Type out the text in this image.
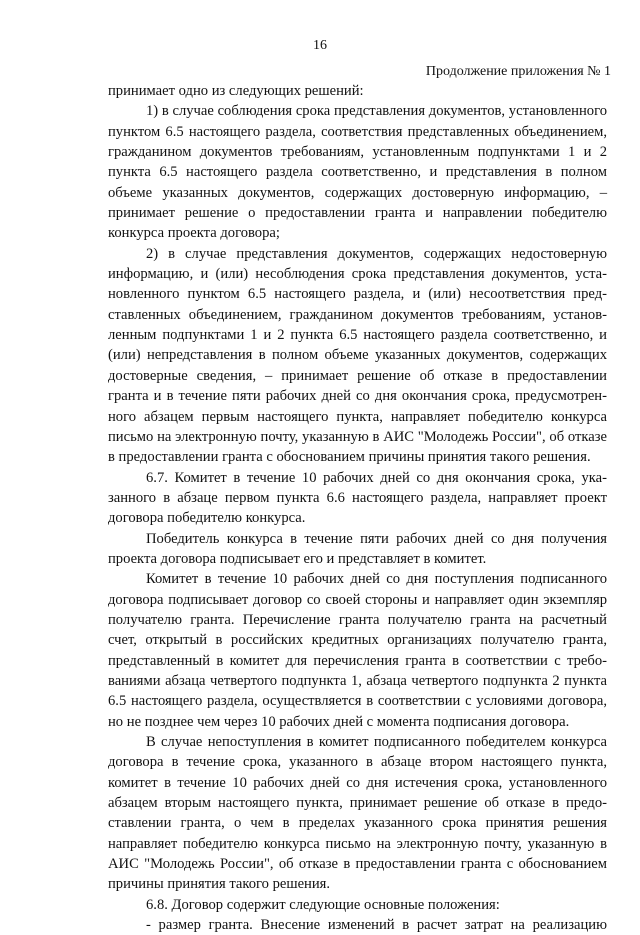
16
Продолжение приложения № 1

принимает одно из следующих решений:

1) в случае соблюдения срока представления документов, установленного пунктом 6.5 настоящего раздела, соответствия представленных объединением, гражданином документов требованиям, установленным подпунктами 1 и 2 пункта 6.5 настоящего раздела соответственно, и представления в полном объеме указанных документов, содержащих достоверную информацию, – принимает решение о предоставлении гранта и направлении победителю конкурса проекта договора;

2) в случае представления документов, содержащих недостоверную информацию, и (или) несоблюдения срока представления документов, установленного пунктом 6.5 настоящего раздела, и (или) несоответствия представленных объединением, гражданином документов требованиям, установленным подпунктами 1 и 2 пункта 6.5 настоящего раздела соответственно, и (или) непредставления в полном объеме указанных документов, содержащих достоверные сведения, – принимает решение об отказе в предоставлении гранта и в течение пяти рабочих дней со дня окончания срока, предусмотренного абзацем первым настоящего пункта, направляет победителю конкурса письмо на электронную почту, указанную в АИС "Молодежь России", об отказе в предоставлении гранта с обоснованием причины принятия такого решения.

6.7. Комитет в течение 10 рабочих дней со дня окончания срока, указанного в абзаце первом пункта 6.6 настоящего раздела, направляет проект договора победителю конкурса.

Победитель конкурса в течение пяти рабочих дней со дня получения проекта договора подписывает его и представляет в комитет.

Комитет в течение 10 рабочих дней со дня поступления подписанного договора подписывает договор со своей стороны и направляет один экземпляр получателю гранта. Перечисление гранта получателю гранта на расчетный счет, открытый в российских кредитных организациях получателю гранта, представленный в комитет для перечисления гранта в соответствии с требованиями абзаца четвертого подпункта 1, абзаца четвертого подпункта 2 пункта 6.5 настоящего раздела, осуществляется в соответствии с условиями договора, но не позднее чем через 10 рабочих дней с момента подписания договора.

В случае непоступления в комитет подписанного победителем конкурса договора в течение срока, указанного в абзаце втором настоящего пункта, комитет в течение 10 рабочих дней со дня истечения срока, установленного абзацем вторым настоящего пункта, принимает решение об отказе в предоставлении гранта, о чем в пределах указанного срока принятия решения направляет победителю конкурса письмо на электронную почту, указанную в АИС "Молодежь России", об отказе в предоставлении гранта с обоснованием причины принятия такого решения.

6.8. Договор содержит следующие основные положения:

- размер гранта. Внесение изменений в расчет затрат на реализацию
